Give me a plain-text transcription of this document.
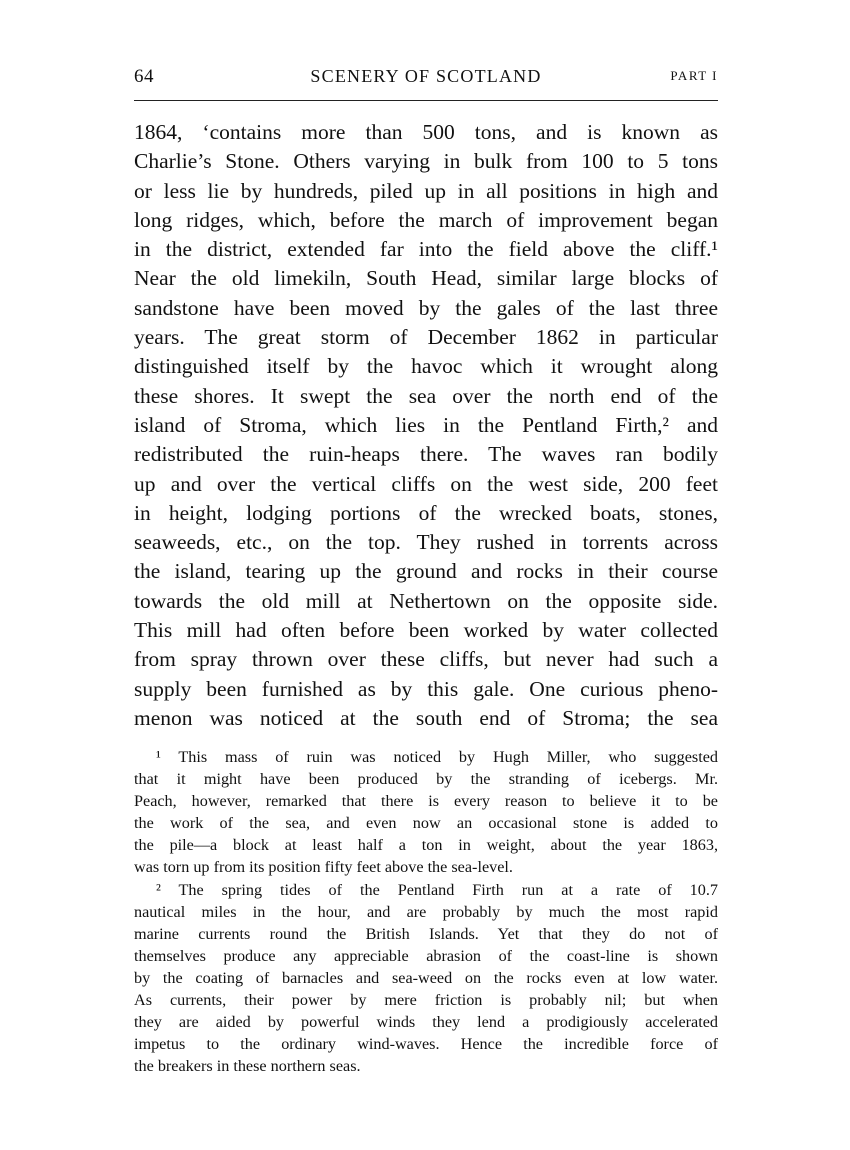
64	SCENERY OF SCOTLAND	PART I
1864, ‘contains more than 500 tons, and is known as
Charlie’s Stone. Others varying in bulk from 100 to 5 tons
or less lie by hundreds, piled up in all positions in high and
long ridges, which, before the march of improvement began
in the district, extended far into the field above the cliff.¹
Near the old limekiln, South Head, similar large blocks of
sandstone have been moved by the gales of the last three
years. The great storm of December 1862 in particular
distinguished itself by the havoc which it wrought along
these shores. It swept the sea over the north end of the
island of Stroma, which lies in the Pentland Firth,² and
redistributed the ruin-heaps there. The waves ran bodily
up and over the vertical cliffs on the west side, 200 feet
in height, lodging portions of the wrecked boats, stones,
seaweeds, etc., on the top. They rushed in torrents across
the island, tearing up the ground and rocks in their course
towards the old mill at Nethertown on the opposite side.
This mill had often before been worked by water collected
from spray thrown over these cliffs, but never had such a
supply been furnished as by this gale. One curious pheno-
menon was noticed at the south end of Stroma; the sea
¹ This mass of ruin was noticed by Hugh Miller, who suggested
that it might have been produced by the stranding of icebergs. Mr.
Peach, however, remarked that there is every reason to believe it to be
the work of the sea, and even now an occasional stone is added to
the pile—a block at least half a ton in weight, about the year 1863,
was torn up from its position fifty feet above the sea-level.
² The spring tides of the Pentland Firth run at a rate of 10.7
nautical miles in the hour, and are probably by much the most rapid
marine currents round the British Islands. Yet that they do not of
themselves produce any appreciable abrasion of the coast-line is shown
by the coating of barnacles and sea-weed on the rocks even at low water.
As currents, their power by mere friction is probably nil; but when
they are aided by powerful winds they lend a prodigiously accelerated
impetus to the ordinary wind-waves. Hence the incredible force of
the breakers in these northern seas.
